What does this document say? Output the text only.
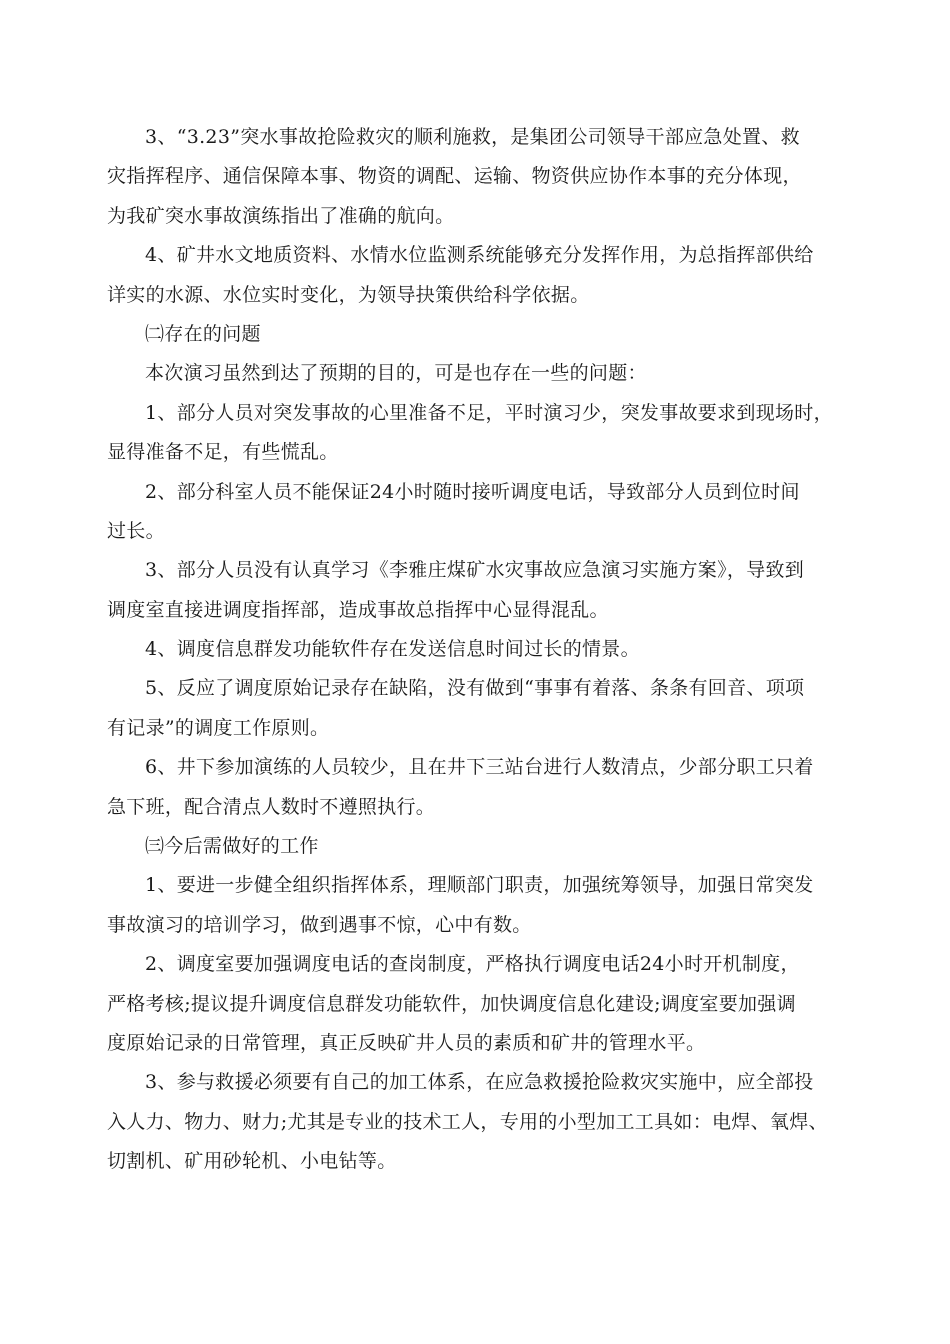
3、“3.23”突水事故抢险救灾的顺利施救，是集团公司领导干部应急处置、救
灾指挥程序、通信保障本事、物资的调配、运输、物资供应协作本事的充分体现，
为我矿突水事故演练指出了准确的航向。
4、矿井水文地质资料、水情水位监测系统能够充分发挥作用，为总指挥部供给
详实的水源、水位实时变化，为领导抉策供给科学依据。
㈡存在的问题
本次演习虽然到达了预期的目的，可是也存在一些的问题：
1、部分人员对突发事故的心里准备不足，平时演习少，突发事故要求到现场时，
显得准备不足，有些慌乱。
2、部分科室人员不能保证24小时随时接听调度电话，导致部分人员到位时间
过长。
3、部分人员没有认真学习《李雅庄煤矿水灾事故应急演习实施方案》，导致到
调度室直接进调度指挥部，造成事故总指挥中心显得混乱。
4、调度信息群发功能软件存在发送信息时间过长的情景。
5、反应了调度原始记录存在缺陷，没有做到“事事有着落、条条有回音、项项
有记录”的调度工作原则。
6、井下参加演练的人员较少，且在井下三站台进行人数清点，少部分职工只着
急下班，配合清点人数时不遵照执行。
㈢今后需做好的工作
1、要进一步健全组织指挥体系，理顺部门职责，加强统筹领导，加强日常突发
事故演习的培训学习，做到遇事不惊，心中有数。
2、调度室要加强调度电话的查岗制度，严格执行调度电话24小时开机制度，
严格考核;提议提升调度信息群发功能软件，加快调度信息化建设;调度室要加强调
度原始记录的日常管理，真正反映矿井人员的素质和矿井的管理水平。
3、参与救援必须要有自己的加工体系，在应急救援抢险救灾实施中，应全部投
入人力、物力、财力;尤其是专业的技术工人，专用的小型加工工具如：电焊、氧焊、
切割机、矿用砂轮机、小电钻等。
